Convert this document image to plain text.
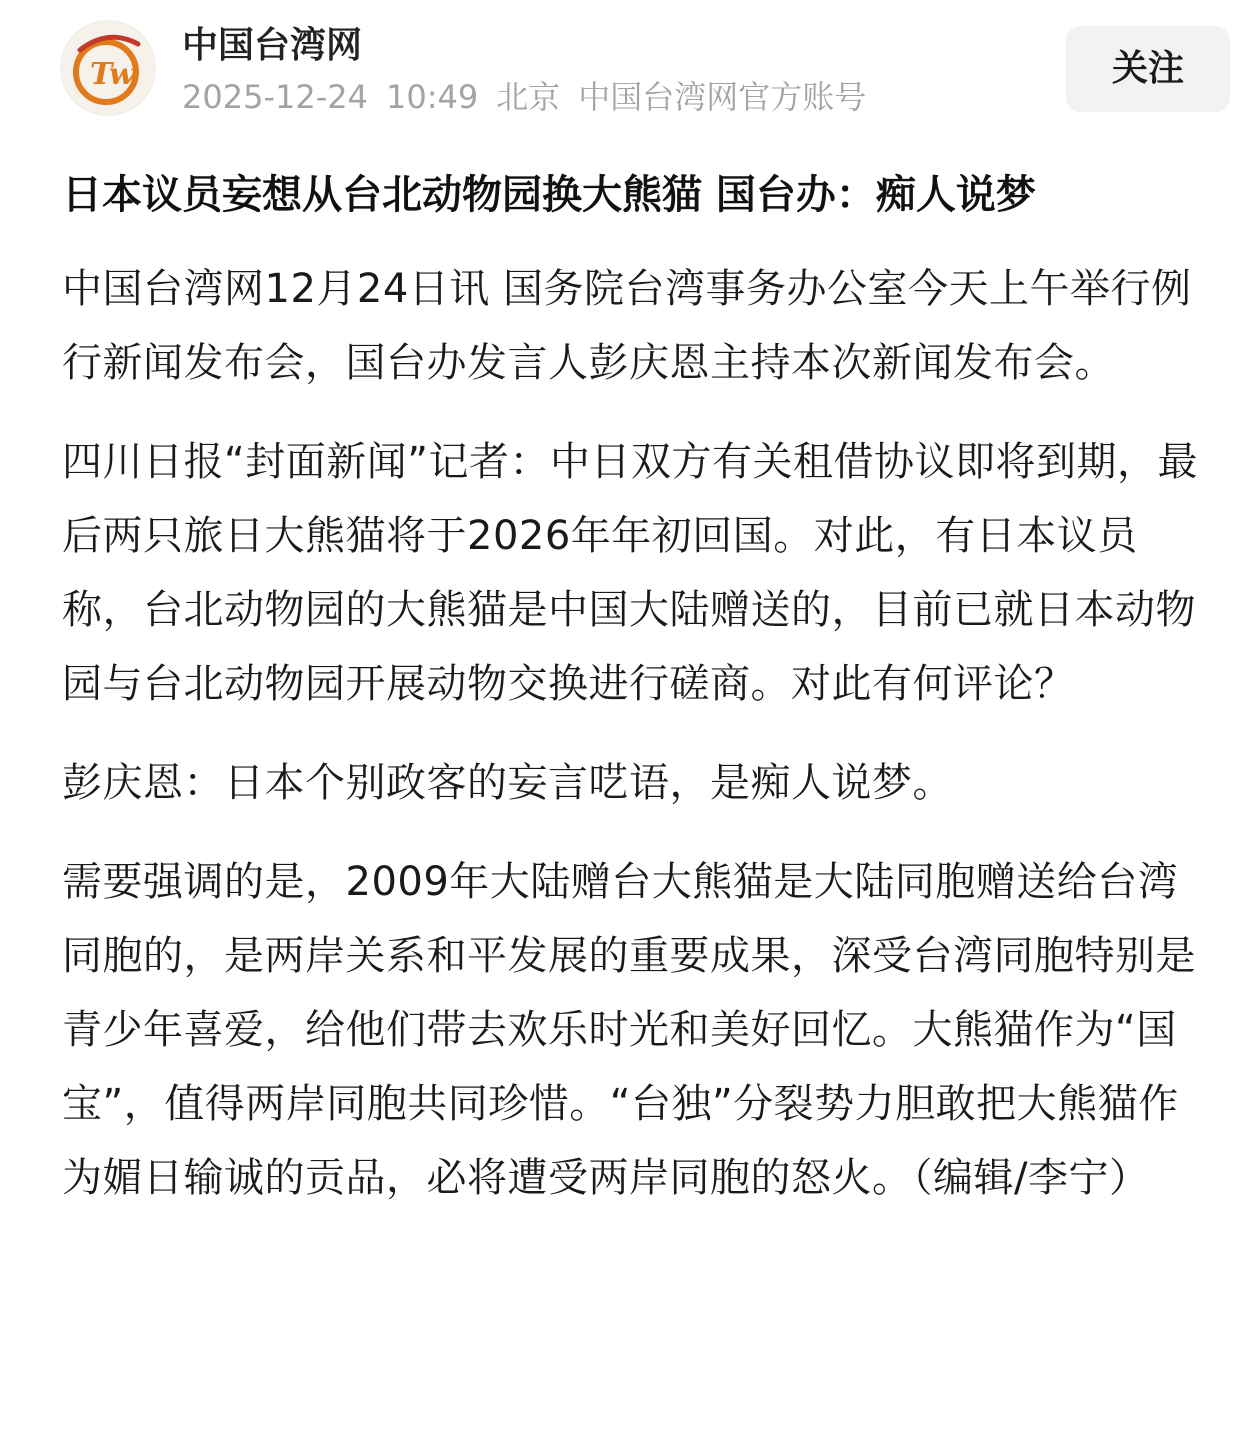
Tw
中国台湾网
2025-12-24 10:49 北京 中国台湾网官方账号
关注
日本议员妄想从台北动物园换大熊猫 国台办：痴人说梦

中国台湾网12月24日讯 国务院台湾事务办公室今天上午举行例行新闻发布会，国台办发言人彭庆恩主持本次新闻发布会。

四川日报“封面新闻”记者：中日双方有关租借协议即将到期，最后两只旅日大熊猫将于2026年年初回国。对此，有日本议员称，台北动物园的大熊猫是中国大陆赠送的，目前已就日本动物园与台北动物园开展动物交换进行磋商。对此有何评论？

彭庆恩：日本个别政客的妄言呓语，是痴人说梦。

需要强调的是，2009年大陆赠台大熊猫是大陆同胞赠送给台湾同胞的，是两岸关系和平发展的重要成果，深受台湾同胞特别是青少年喜爱，给他们带去欢乐时光和美好回忆。大熊猫作为“国宝”，值得两岸同胞共同珍惜。“台独”分裂势力胆敢把大熊猫作为媚日输诚的贡品，必将遭受两岸同胞的怒火。（编辑/李宁）
